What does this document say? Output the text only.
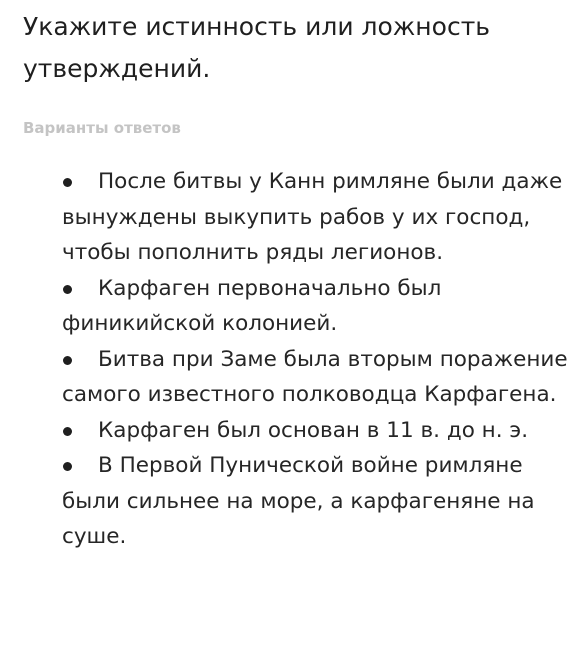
Укажите истинность или ложность утверждений.
Варианты ответов
После битвы у Канн римляне были даже вынуждены выкупить рабов у их господ, чтобы пополнить ряды легионов.
Карфаген первоначально был финикийской колонией.
Битва при Заме была вторым поражение самого известного полководца Карфагена.
Карфаген был основан в 11 в. до н. э.
В Первой Пунической войне римляне были сильнее на море, а карфагеняне на суше.
